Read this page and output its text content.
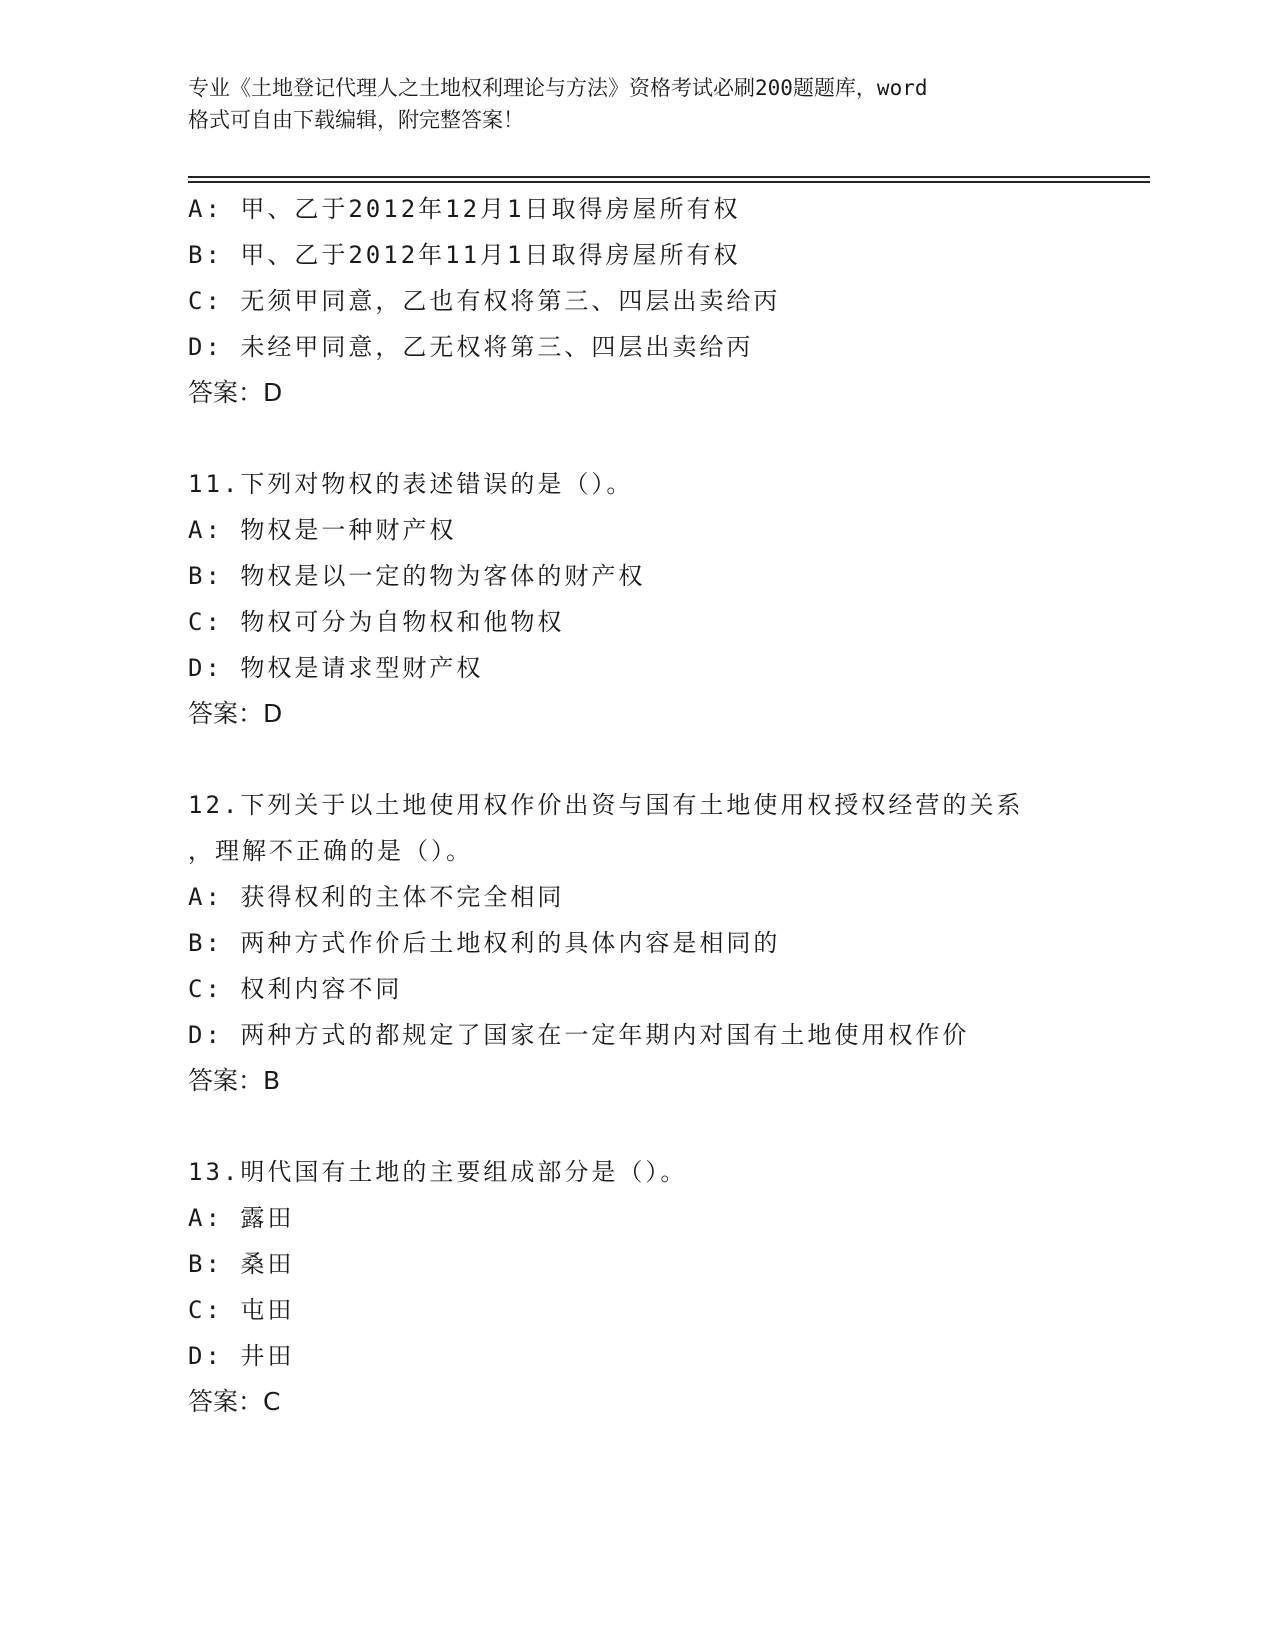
专业《土地登记代理人之土地权利理论与方法》资格考试必刷200题题库，word
格式可自由下载编辑，附完整答案！
A: 甲、乙于2012年12月1日取得房屋所有权
B: 甲、乙于2012年11月1日取得房屋所有权
C: 无须甲同意，乙也有权将第三、四层出卖给丙
D: 未经甲同意，乙无权将第三、四层出卖给丙
答案：D
11.下列对物权的表述错误的是（）。
A: 物权是一种财产权
B: 物权是以一定的物为客体的财产权
C: 物权可分为自物权和他物权
D: 物权是请求型财产权
答案：D
12.下列关于以土地使用权作价出资与国有土地使用权授权经营的关系
，理解不正确的是（）。
A: 获得权利的主体不完全相同
B: 两种方式作价后土地权利的具体内容是相同的
C: 权利内容不同
D: 两种方式的都规定了国家在一定年期内对国有土地使用权作价
答案：B
13.明代国有土地的主要组成部分是（）。
A: 露田
B: 桑田
C: 屯田
D: 井田
答案：C
